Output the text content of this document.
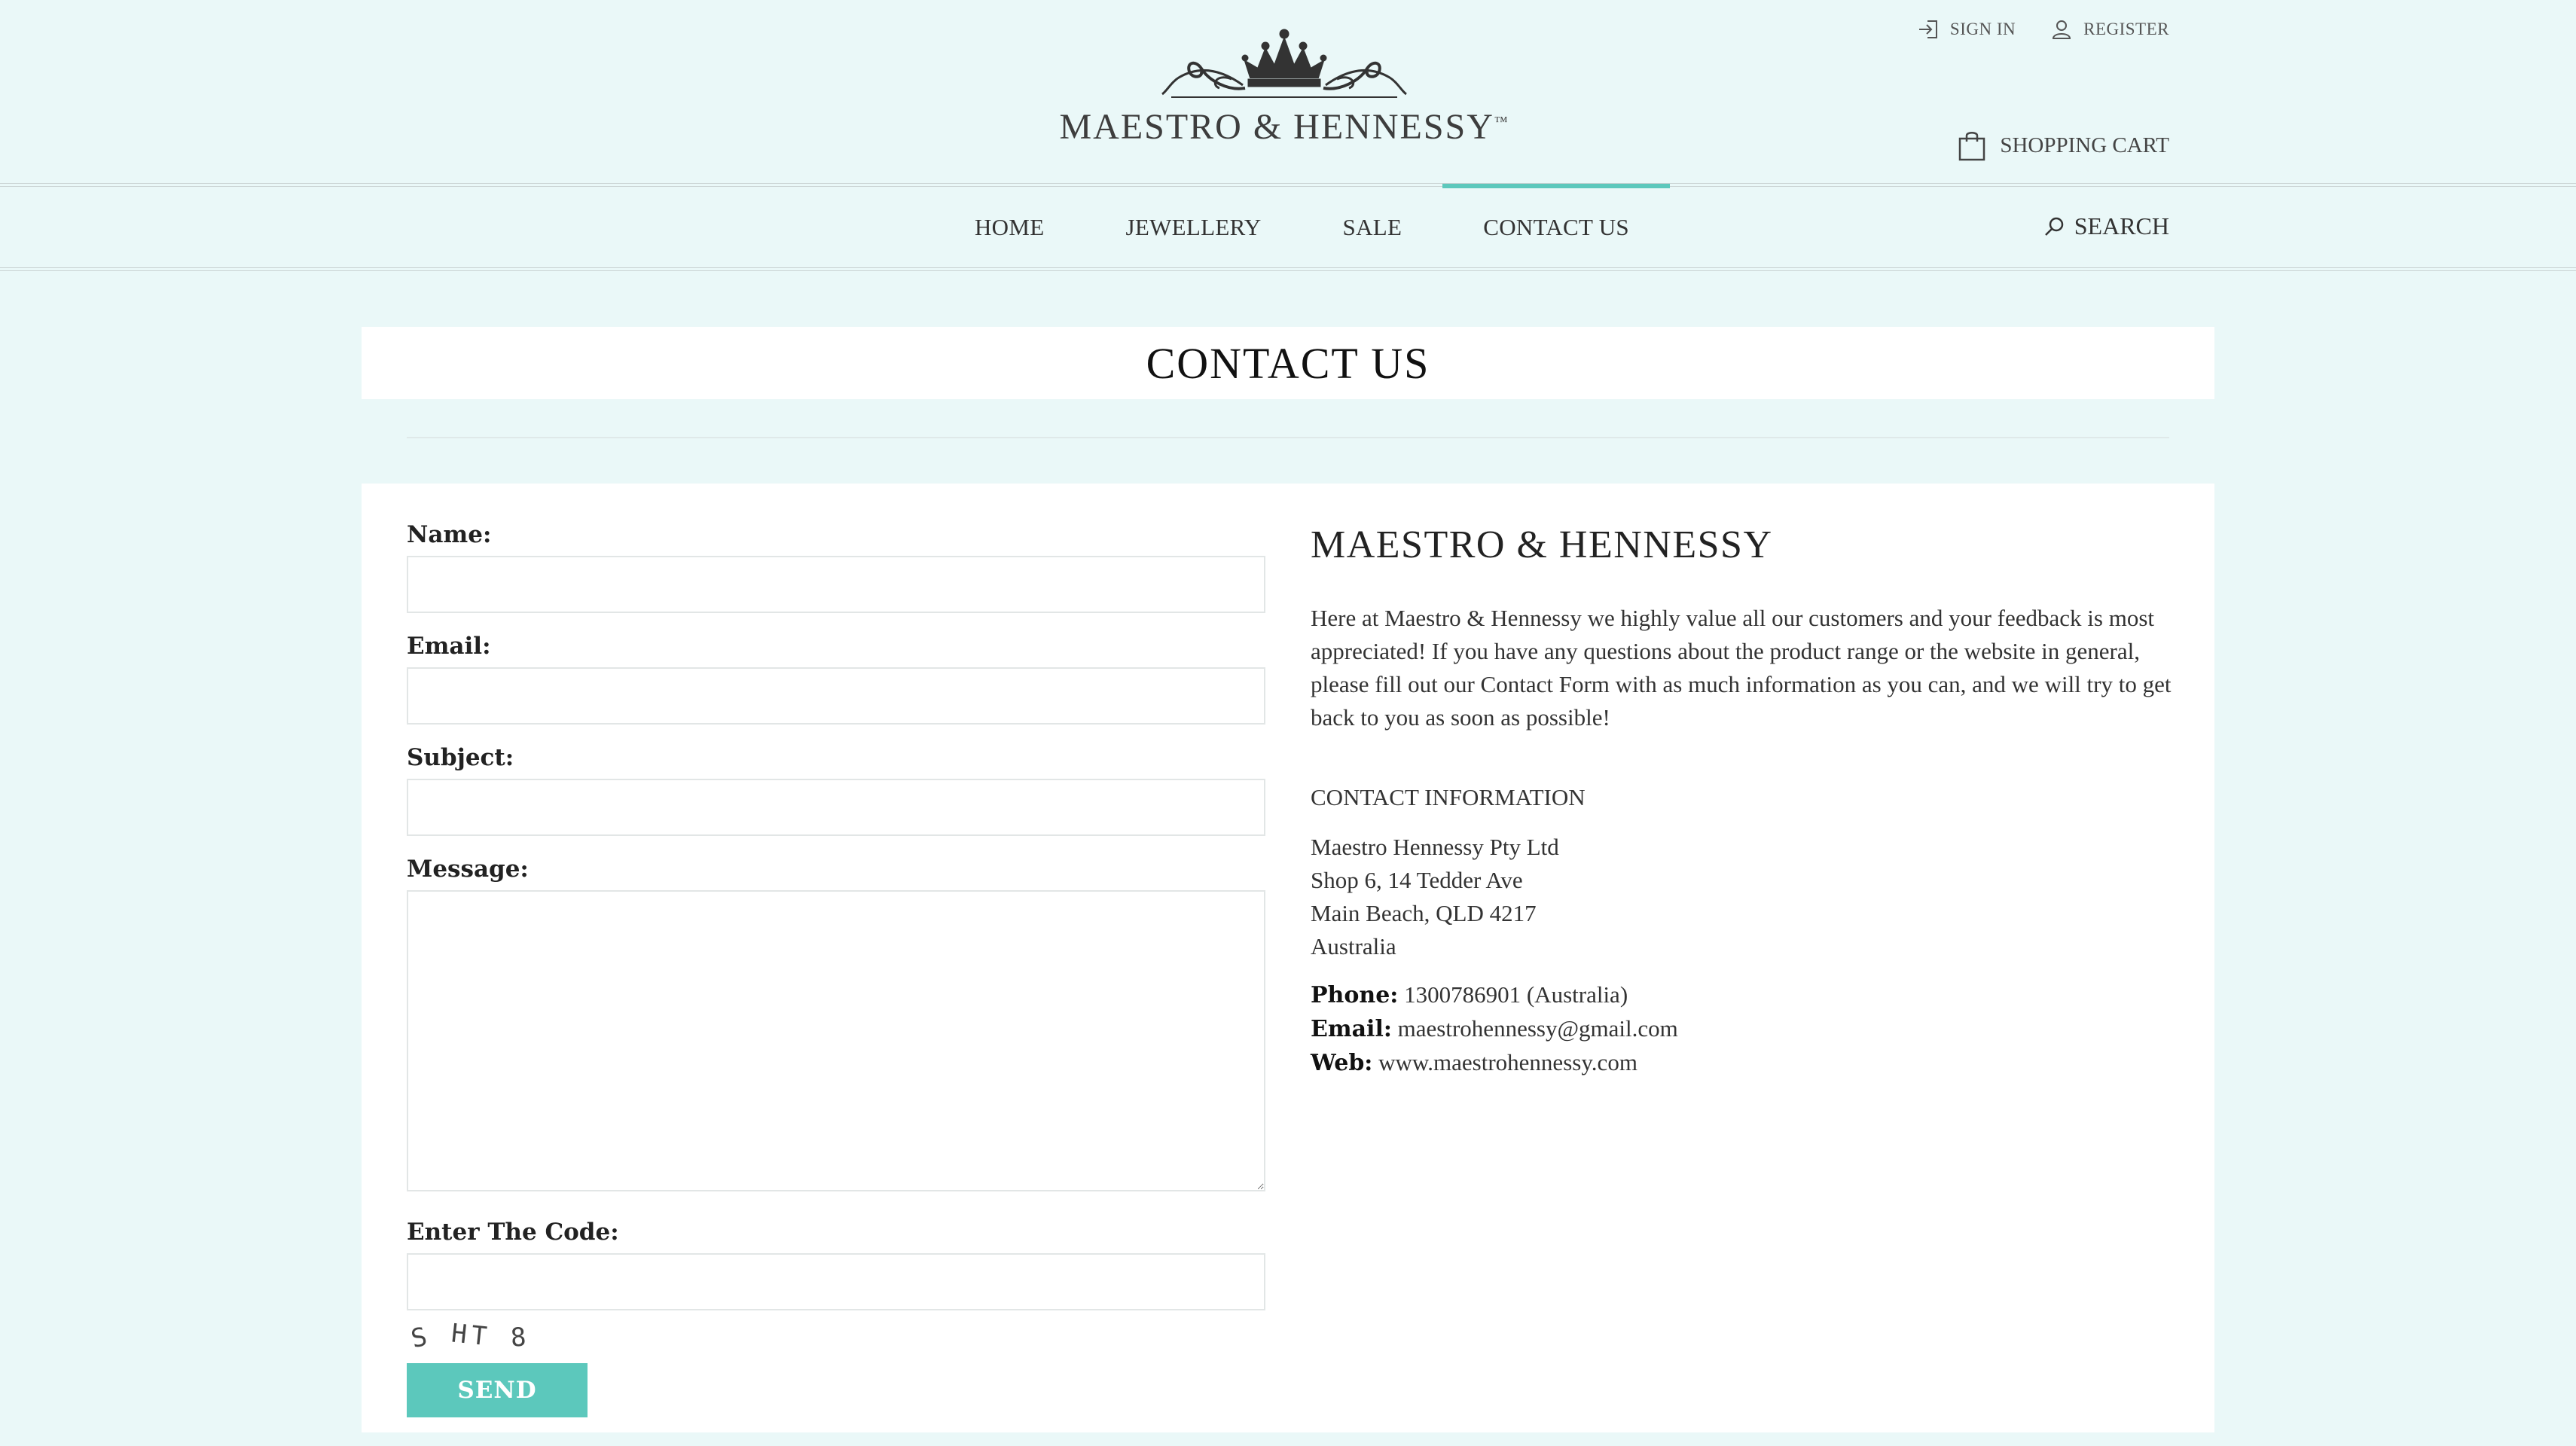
MAESTRO & HENNESSY™
SIGN IN	REGISTER
SHOPPING CART
HOME	JEWELLERY	SALE	CONTACT US	SEARCH
CONTACT US
Name:
Email:
Subject:
Message:
Enter The Code:
S HT 8
SEND
MAESTRO & HENNESSY

Here at Maestro & Hennessy we highly value all our customers and your feedback is most appreciated! If you have any questions about the product range or the website in general, please fill out our Contact Form with as much information as you can, and we will try to get back to you as soon as possible!

CONTACT INFORMATION
Maestro Hennessy Pty Ltd
Shop 6, 14 Tedder Ave
Main Beach, QLD 4217
Australia
Phone: 1300786901 (Australia)
Email: maestrohennessy@gmail.com
Web: www.maestrohennessy.com
